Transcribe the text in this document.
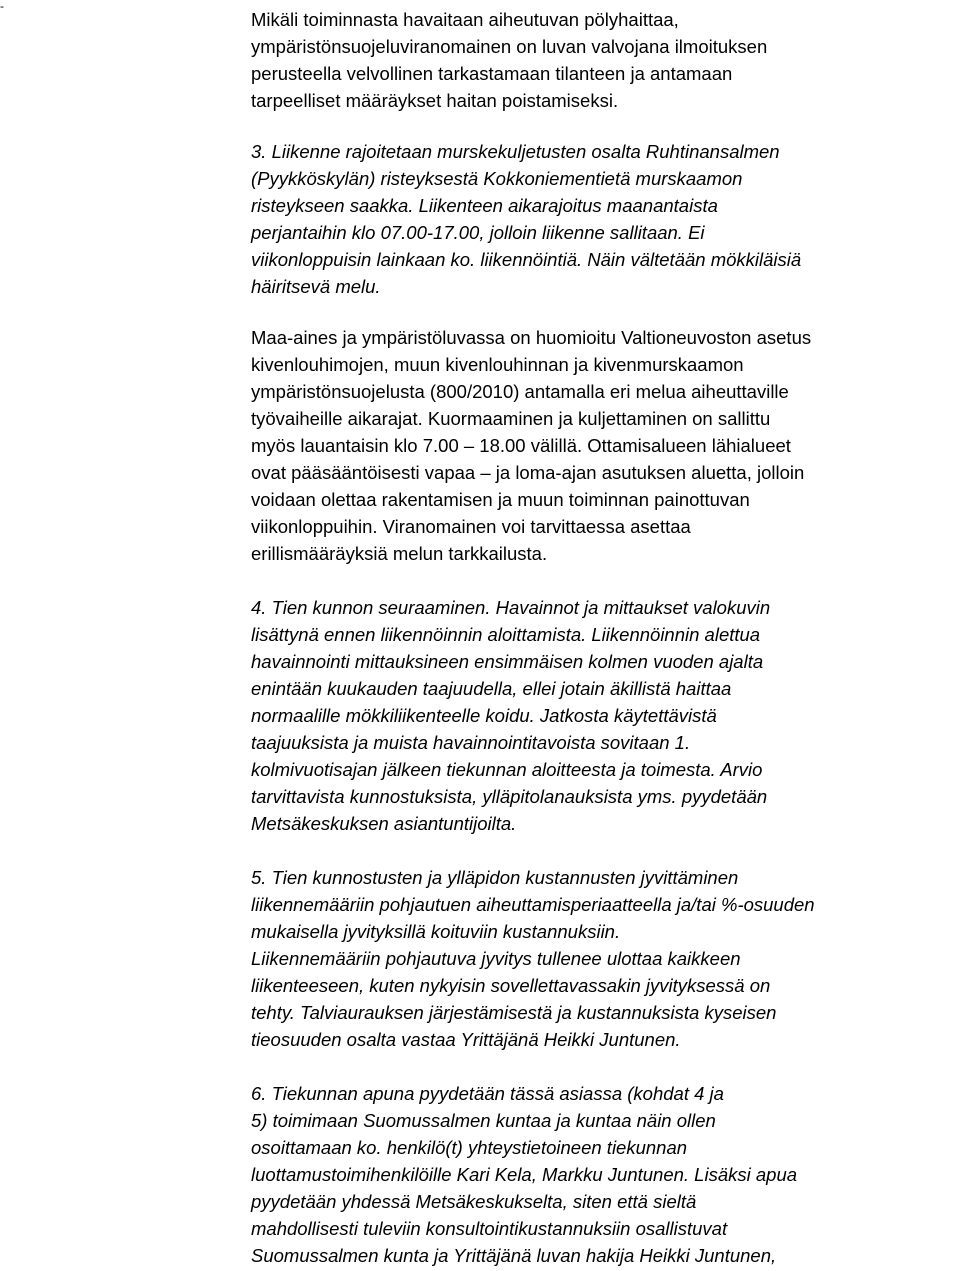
-

Mikäli toiminnasta havaitaan aiheutuvan pölyhaittaa,
ympäristönsuojeluviranomainen on luvan valvojana ilmoituksen
perusteella velvollinen tarkastamaan tilanteen ja antamaan
tarpeelliset määräykset haitan poistamiseksi.

3. Liikenne rajoitetaan murskekuljetusten osalta Ruhtinansalmen
(Pyykköskylän) risteyksestä Kokkoniementietä murskaamon
risteykseen saakka. Liikenteen aikarajoitus maanantaista
perjantaihin klo 07.00-17.00, jolloin liikenne sallitaan. Ei
viikonloppuisin lainkaan ko. liikennöintiä. Näin vältetään mökkiläisiä
häiritsevä melu.

Maa-aines ja ympäristöluvassa on huomioitu Valtioneuvoston asetus
kivenlouhimojen, muun kivenlouhinnan ja kivenmurskaamon
ympäristönsuojelusta (800/2010) antamalla eri melua aiheuttaville
työvaiheille aikarajat. Kuormaaminen ja kuljettaminen on sallittu
myös lauantaisin klo 7.00 – 18.00 välillä. Ottamisalueen lähialueet
ovat pääsääntöisesti vapaa – ja loma-ajan asutuksen aluetta, jolloin
voidaan olettaa rakentamisen ja muun toiminnan painottuvan
viikonloppuihin. Viranomainen voi tarvittaessa asettaa
erillismääräyksiä melun tarkkailusta.

4. Tien kunnon seuraaminen. Havainnot ja mittaukset valokuvin
lisättynä ennen liikennöinnin aloittamista. Liikennöinnin alettua
havainnointi mittauksineen ensimmäisen kolmen vuoden ajalta
enintään kuukauden taajuudella, ellei jotain äkillistä haittaa
normaalille mökkiliikenteelle koidu. Jatkosta käytettävistä
taajuuksista ja muista havainnointitavoista sovitaan 1.
kolmivuotisajan jälkeen tiekunnan aloitteesta ja toimesta. Arvio
tarvittavista kunnostuksista, ylläpitolanauksista yms. pyydetään
Metsäkeskuksen asiantuntijoilta.

5. Tien kunnostusten ja ylläpidon kustannusten jyvittäminen
liikennemääriin pohjautuen aiheuttamisperiaatteella ja/tai %-osuuden
mukaisella jyvityksillä koituviin kustannuksiin.
Liikennemääriin pohjautuva jyvitys tullenee ulottaa kaikkeen
liikenteeseen, kuten nykyisin sovellettavassakin jyvityksessä on
tehty. Talviaurauksen järjestämisestä ja kustannuksista kyseisen
tieosuuden osalta vastaa Yrittäjänä Heikki Juntunen.

6. Tiekunnan apuna pyydetään tässä asiassa (kohdat 4 ja
5) toimimaan Suomussalmen kuntaa ja kuntaa näin ollen
osoittamaan ko. henkilö(t) yhteystietoineen tiekunnan
luottamustoimihenkilöille Kari Kela, Markku Juntunen. Lisäksi apua
pyydetään yhdessä Metsäkeskukselta, siten että sieltä
mahdollisesti tuleviin konsultointikustannuksiin osallistuvat
Suomussalmen kunta ja Yrittäjänä luvan hakija Heikki Juntunen,
